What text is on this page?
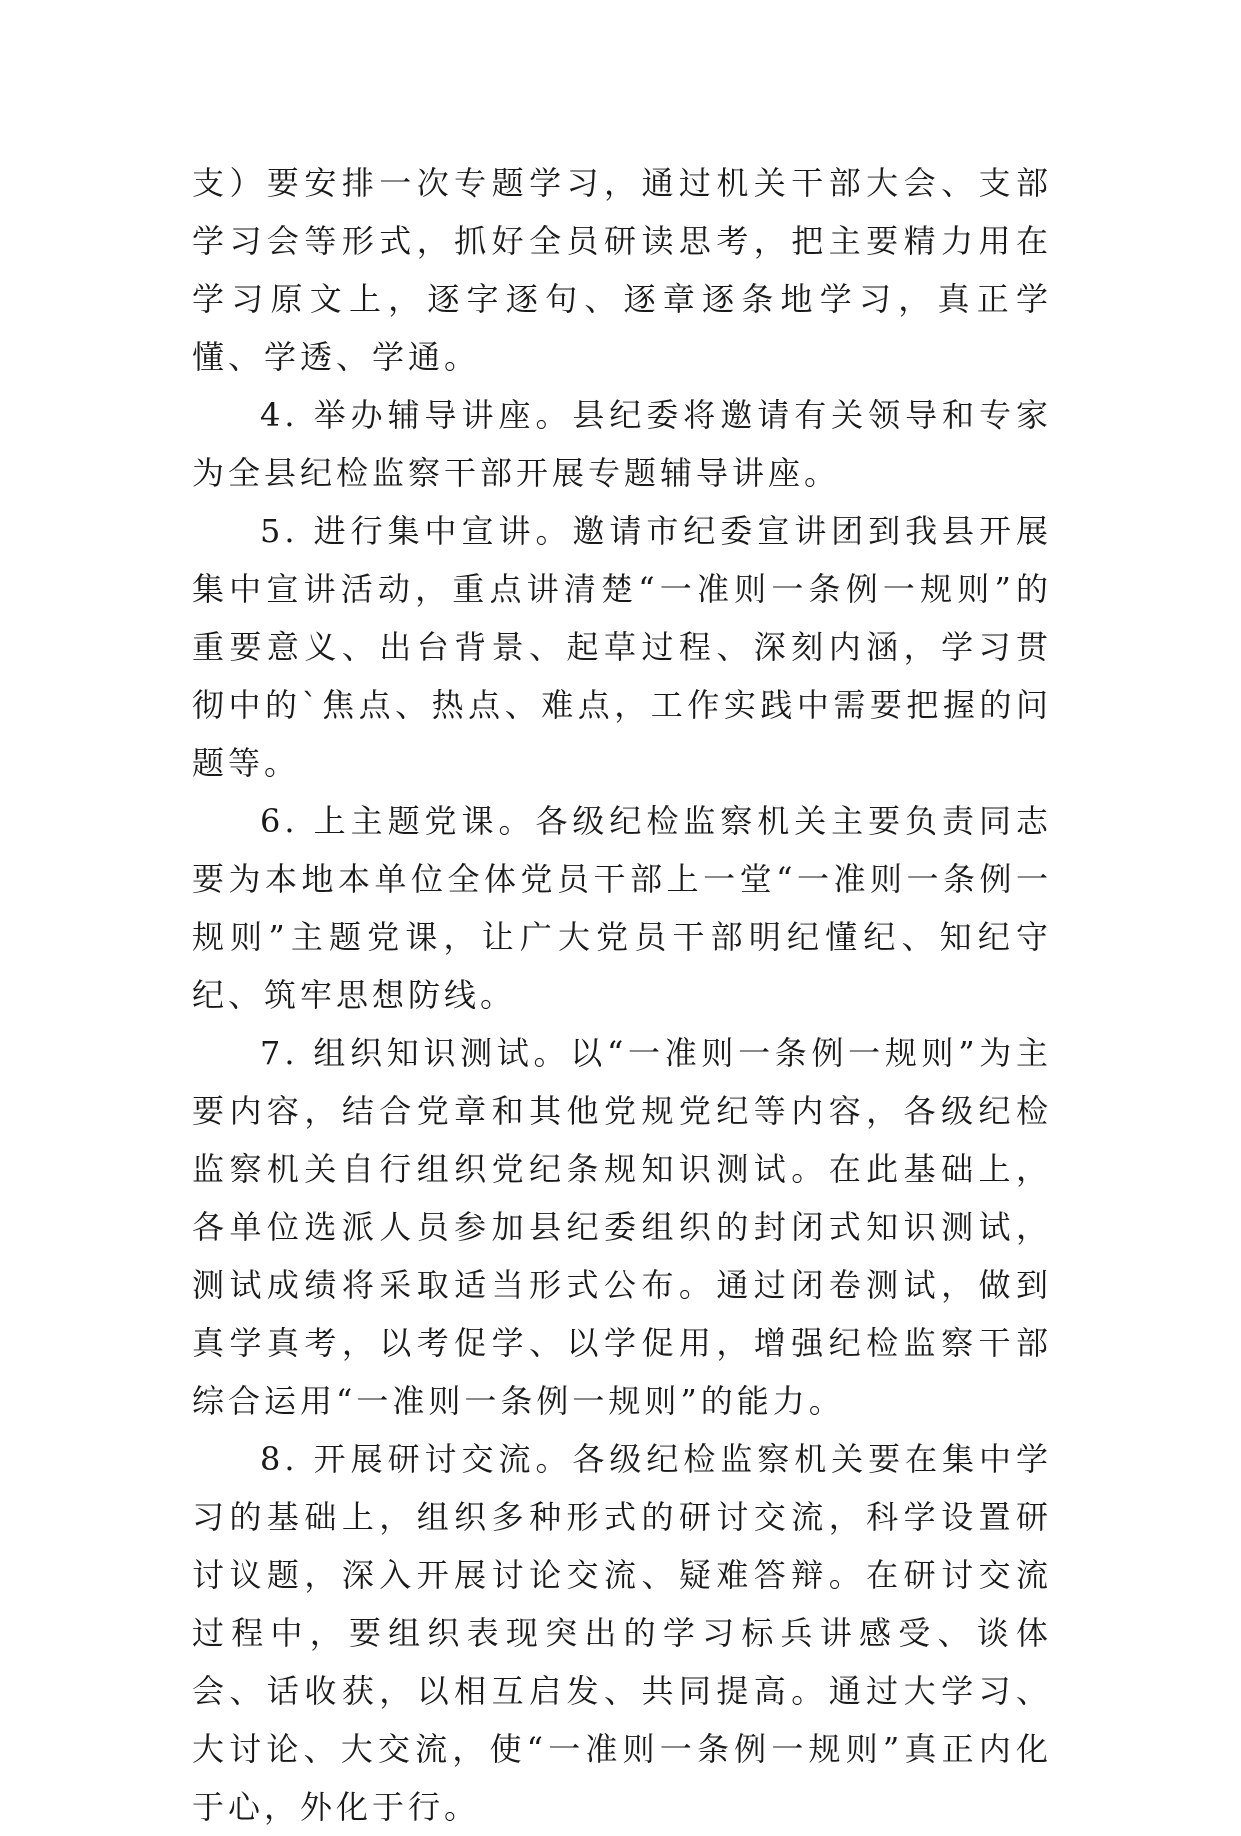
支）要安排一次专题学习，通过机关干部大会、支部学习会等形式，抓好全员研读思考，把主要精力用在学习原文上，逐字逐句、逐章逐条地学习，真正学懂、学透、学通。

4. 举办辅导讲座。县纪委将邀请有关领导和专家为全县纪检监察干部开展专题辅导讲座。

5. 进行集中宣讲。邀请市纪委宣讲团到我县开展集中宣讲活动，重点讲清楚“一准则一条例一规则”的重要意义、出台背景、起草过程、深刻内涵，学习贯彻中的`焦点、热点、难点，工作实践中需要把握的问题等。

6. 上主题党课。各级纪检监察机关主要负责同志要为本地本单位全体党员干部上一堂“一准则一条例一规则”主题党课，让广大党员干部明纪懂纪、知纪守纪、筑牢思想防线。

7. 组织知识测试。以“一准则一条例一规则”为主要内容，结合党章和其他党规党纪等内容，各级纪检监察机关自行组织党纪条规知识测试。在此基础上，各单位选派人员参加县纪委组织的封闭式知识测试，测试成绩将采取适当形式公布。通过闭卷测试，做到真学真考，以考促学、以学促用，增强纪检监察干部综合运用“一准则一条例一规则”的能力。

8. 开展研讨交流。各级纪检监察机关要在集中学习的基础上，组织多种形式的研讨交流，科学设置研讨议题，深入开展讨论交流、疑难答辩。在研讨交流过程中，要组织表现突出的学习标兵讲感受、谈体会、话收获，以相互启发、共同提高。通过大学习、大讨论、大交流，使“一准则一条例一规则”真正内化于心，外化于行。
